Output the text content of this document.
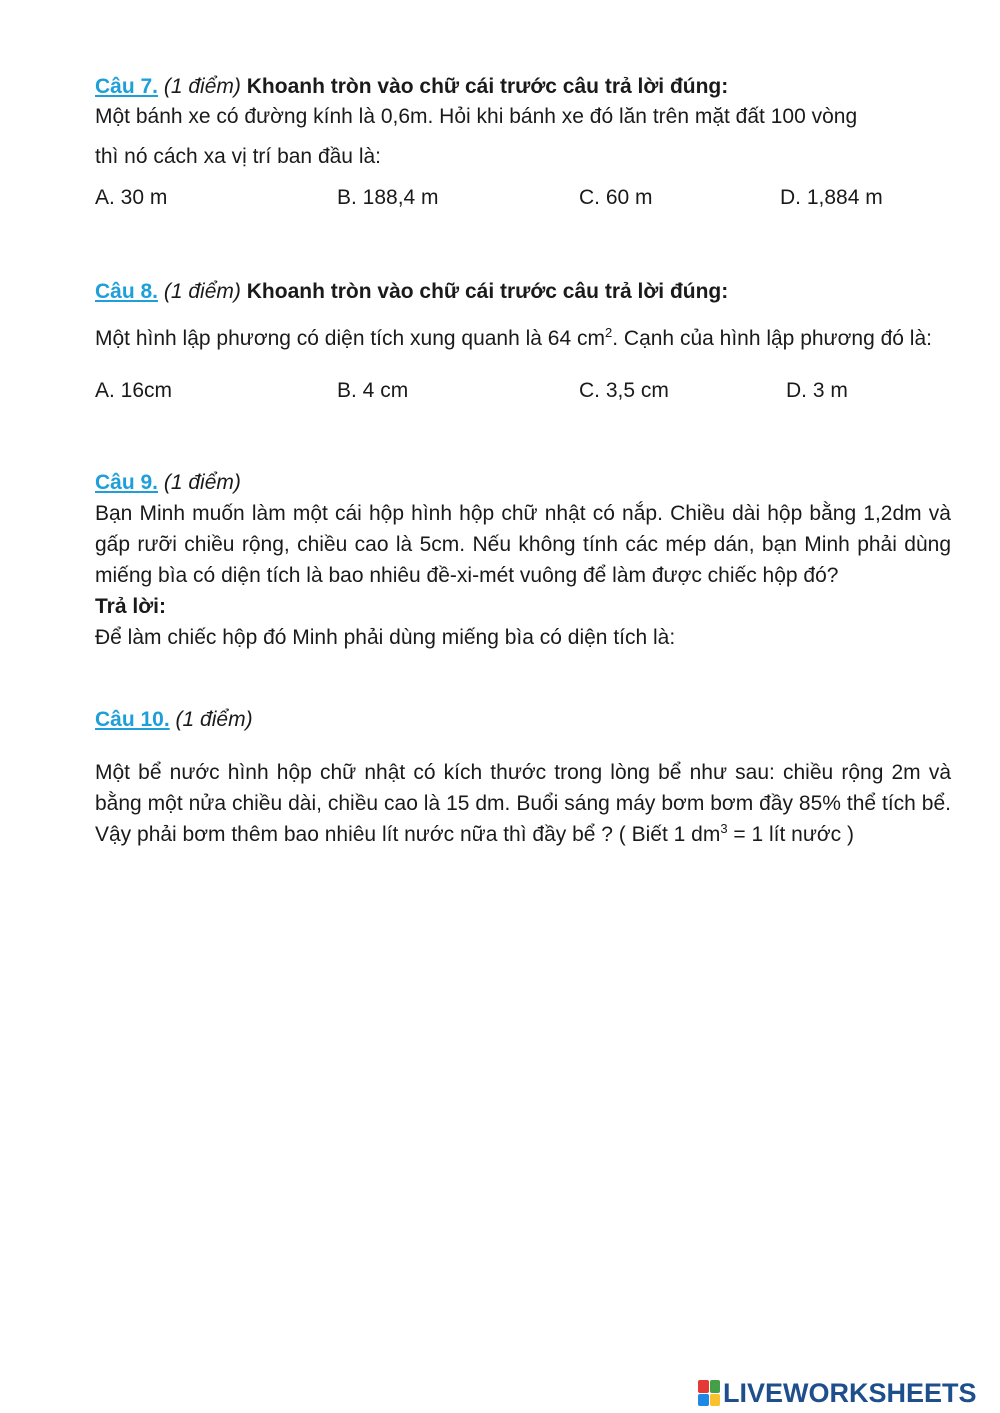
Câu 7. (1 điểm) Khoanh tròn vào chữ cái trước câu trả lời đúng:
Một bánh xe có đường kính là 0,6m. Hỏi khi bánh xe đó lăn trên mặt đất 100 vòng
thì nó cách xa vị trí ban đầu là:
A. 30 m	B. 188,4 m	C. 60 m	D. 1,884 m
Câu 8. (1 điểm) Khoanh tròn vào chữ cái trước câu trả lời đúng:
Một hình lập phương có diện tích xung quanh là 64 $cm^2$. Cạnh của hình lập phương đó là:
A. 16cm	B. 4 cm	C. 3,5 cm	D. 3 m
Câu 9. (1 điểm)
Bạn Minh muốn làm một cái hộp hình hộp chữ nhật có nắp. Chiều dài hộp bằng 1,2dm và gấp rưỡi chiều rộng, chiều cao là 5cm. Nếu không tính các mép dán, bạn Minh phải dùng miếng bìa có diện tích là bao nhiêu đề-xi-mét vuông để làm được chiếc hộp đó?
Trả lời:
Để làm chiếc hộp đó Minh phải dùng miếng bìa có diện tích là:
Câu 10. (1 điểm)
Một bể nước hình hộp chữ nhật có kích thước trong lòng bể như sau: chiều rộng 2m và bằng một nửa chiều dài, chiều cao là 15 dm. Buổi sáng máy bơm bơm đầy 85% thể tích bể. Vậy phải bơm thêm bao nhiêu lít nước nữa thì đầy bể ? ( Biết 1 $dm^3 = 1$ lít nước )
LIVEWORKSHEETS
